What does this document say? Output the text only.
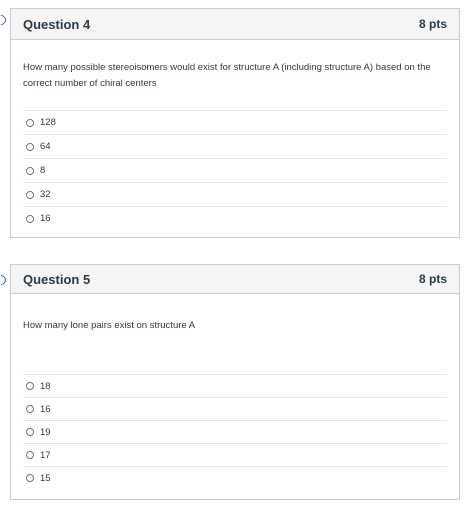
Question 4	8 pts
How many possible stereoisomers would exist for structure A (including structure A) based on the correct number of chiral centers
128
64
8
32
16
Question 5	8 pts
How many lone pairs exist on structure A
18
16
19
17
15
